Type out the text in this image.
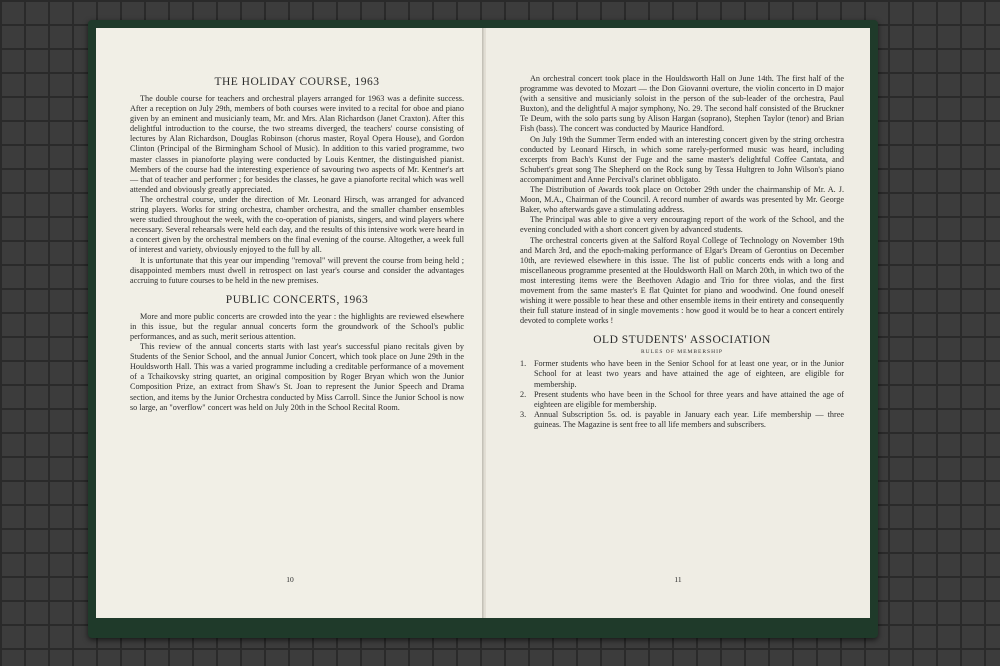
THE HOLIDAY COURSE, 1963

The double course for teachers and orchestral players arranged for 1963 was a definite success. After a reception on July 29th, members of both courses were invited to a recital for oboe and piano given by an eminent and musicianly team, Mr. and Mrs. Alan Richardson (Janet Craxton). After this delightful introduction to the course, the two streams diverged, the teachers' course consisting of lectures by Alan Richardson, Douglas Robinson (chorus master, Royal Opera House), and Gordon Clinton (Principal of the Birmingham School of Music). In addition to this varied programme, two master classes in pianoforte playing were conducted by Louis Kentner, the distinguished pianist. Members of the course had the interesting experience of savouring two aspects of Mr. Kentner's art — that of teacher and performer ; for besides the classes, he gave a pianoforte recital which was well attended and obviously greatly appreciated.

The orchestral course, under the direction of Mr. Leonard Hirsch, was arranged for advanced string players. Works for string orchestra, chamber orchestra, and the smaller chamber ensembles were studied throughout the week, with the co-operation of pianists, singers, and wind players where necessary. Several rehearsals were held each day, and the results of this intensive work were heard in a concert given by the orchestral members on the final evening of the course. Altogether, a week full of interest and variety, obviously enjoyed to the full by all.

It is unfortunate that this year our impending "removal" will prevent the course from being held ; disappointed members must dwell in retrospect on last year's course and consider the advantages accruing to future courses to be held in the new premises.

PUBLIC CONCERTS, 1963

More and more public concerts are crowded into the year : the highlights are reviewed elsewhere in this issue, but the regular annual concerts form the groundwork of the School's public performances, and as such, merit serious attention.

This review of the annual concerts starts with last year's successful piano recitals given by Students of the Senior School, and the annual Junior Concert, which took place on June 29th in the Houldsworth Hall. This was a varied programme including a creditable performance of a movement of a Tchaikovsky string quartet, an original composition by Roger Bryan which won the Junior Composition Prize, an extract from Shaw's St. Joan to represent the Junior Speech and Drama section, and items by the Junior Orchestra conducted by Miss Carroll. Since the Junior School is now so large, an "overflow" concert was held on July 20th in the School Recital Room.

10

An orchestral concert took place in the Houldsworth Hall on June 14th. The first half of the programme was devoted to Mozart — the Don Giovanni overture, the violin concerto in D major (with a sensitive and musicianly soloist in the person of the sub-leader of the orchestra, Paul Buxton), and the delightful A major symphony, No. 29. The second half consisted of the Bruckner Te Deum, with the solo parts sung by Alison Hargan (soprano), Stephen Taylor (tenor) and Brian Fish (bass). The concert was conducted by Maurice Handford.

On July 19th the Summer Term ended with an interesting concert given by the string orchestra conducted by Leonard Hirsch, in which some rarely-performed music was heard, including excerpts from Bach's Kunst der Fuge and the same master's delightful Coffee Cantata, and Schubert's great song The Shepherd on the Rock sung by Tessa Hultgren to John Wilson's piano accompaniment and Anne Percival's clarinet obbligato.

The Distribution of Awards took place on October 29th under the chairmanship of Mr. A. J. Moon, M.A., Chairman of the Council. A record number of awards was presented by Mr. George Baker, who afterwards gave a stimulating address.

The Principal was able to give a very encouraging report of the work of the School, and the evening concluded with a short concert given by advanced students.

The orchestral concerts given at the Salford Royal College of Technology on November 19th and March 3rd, and the epoch-making performance of Elgar's Dream of Gerontius on December 10th, are reviewed elsewhere in this issue. The list of public concerts ends with a long and miscellaneous programme presented at the Houldsworth Hall on March 20th, in which two of the most interesting items were the Beethoven Adagio and Trio for three violas, and the first movement from the same master's E flat Quintet for piano and woodwind. One found oneself wishing it were possible to hear these and other ensemble items in their entirety and consequently their full stature instead of in single movements : how good it would be to hear a concert entirely devoted to complete works !

OLD STUDENTS' ASSOCIATION
RULES OF MEMBERSHIP
1. Former students who have been in the Senior School for at least one year, or in the Junior School for at least two years and have attained the age of eighteen, are eligible for membership.
2. Present students who have been in the School for three years and have attained the age of eighteen are eligible for membership.
3. Annual Subscription 5s. od. is payable in January each year. Life membership — three guineas. The Magazine is sent free to all life members and subscribers.
11
